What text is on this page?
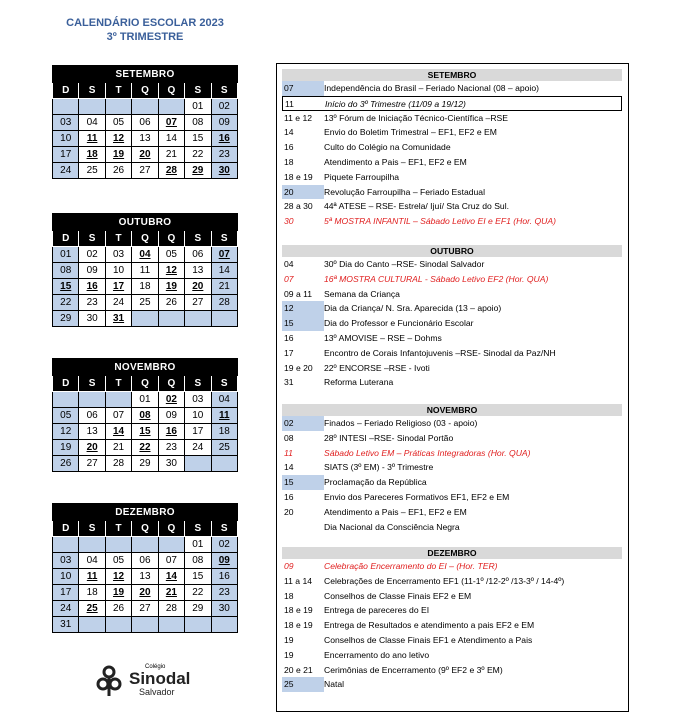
CALENDÁRIO ESCOLAR 2023
3º TRIMESTRE
SETEMBRO						
D	S	T	Q	Q	S	S
					01	02
03	04	05	06	07	08	09
10	11	12	13	14	15	16
17	18	19	20	21	22	23
24	25	26	27	28	29	30
OUTUBRO						
D	S	T	Q	Q	S	S
01	02	03	04	05	06	07
08	09	10	11	12	13	14
15	16	17	18	19	20	21
22	23	24	25	26	27	28
29	30	31				
NOVEMBRO						
D	S	T	Q	Q	S	S
			01	02	03	04
05	06	07	08	09	10	11
12	13	14	15	16	17	18
19	20	21	22	23	24	25
26	27	28	29	30		
DEZEMBRO						
D	S	T	Q	Q	S	S
					01	02
03	04	05	06	07	08	09
10	11	12	13	14	15	16
17	18	19	20	21	22	23
24	25	26	27	28	29	30
31						
SETEMBRO
07	Independência do Brasil – Feriado Nacional (08 – apoio)
11	Início do 3º Trimestre (11/09 a 19/12)
11 e 12	13º Fórum de Iniciação Técnico-Científica –RSE
14	Envio do Boletim Trimestral – EF1, EF2 e EM
16	Culto do Colégio na Comunidade
18	Atendimento a Pais – EF1, EF2 e EM
18 e 19	Piquete Farroupilha
20	Revolução Farroupilha – Feriado Estadual
28 a 30	44ª ATESE – RSE- Estrela/ Ijuí/ Sta Cruz do Sul.
30	5ª MOSTRA INFANTIL – Sábado Letivo EI e EF1 (Hor. QUA)
OUTUBRO
04	30º Dia do Canto –RSE- Sinodal Salvador
07	16ª MOSTRA CULTURAL - Sábado Letivo EF2 (Hor. QUA)
09 a 11	Semana da Criança
12	Dia da Criança/ N. Sra. Aparecida (13 – apoio)
15	Dia do Professor e Funcionário Escolar
16	13º AMOVISE – RSE – Dohms
17	Encontro de Corais Infantojuvenis –RSE- Sinodal da Paz/NH
19 e 20	22º ENCORSE –RSE - Ivoti
31	Reforma Luterana
NOVEMBRO
02	Finados – Feriado Religioso (03 - apoio)
08	28º INTESI –RSE- Sinodal Portão
11	Sábado Letivo EM – Práticas Integradoras (Hor. QUA)
14	SIATS (3º EM) - 3º Trimestre
15	Proclamação da República
16	Envio dos Pareceres Formativos EF1, EF2 e EM
20	Atendimento a Pais – EF1, EF2 e EM
Dia Nacional da Consciência Negra
DEZEMBRO
09	Celebração Encerramento do EI – (Hor. TER)
11 a 14	Celebrações de Encerramento EF1 (11-1º /12-2º /13-3º / 14-4º)
18	Conselhos de Classe Finais EF2 e EM
18 e 19	Entrega de pareceres do EI
18 e 19	Entrega de Resultados e atendimento a pais EF2 e EM
19	Conselhos de Classe Finais EF1 e Atendimento a Pais
19	Encerramento do ano letivo
20 e 21	Cerimônias de Encerramento (9º EF2 e 3º EM)
25	Natal
Colégio
Sinodal
Salvador
